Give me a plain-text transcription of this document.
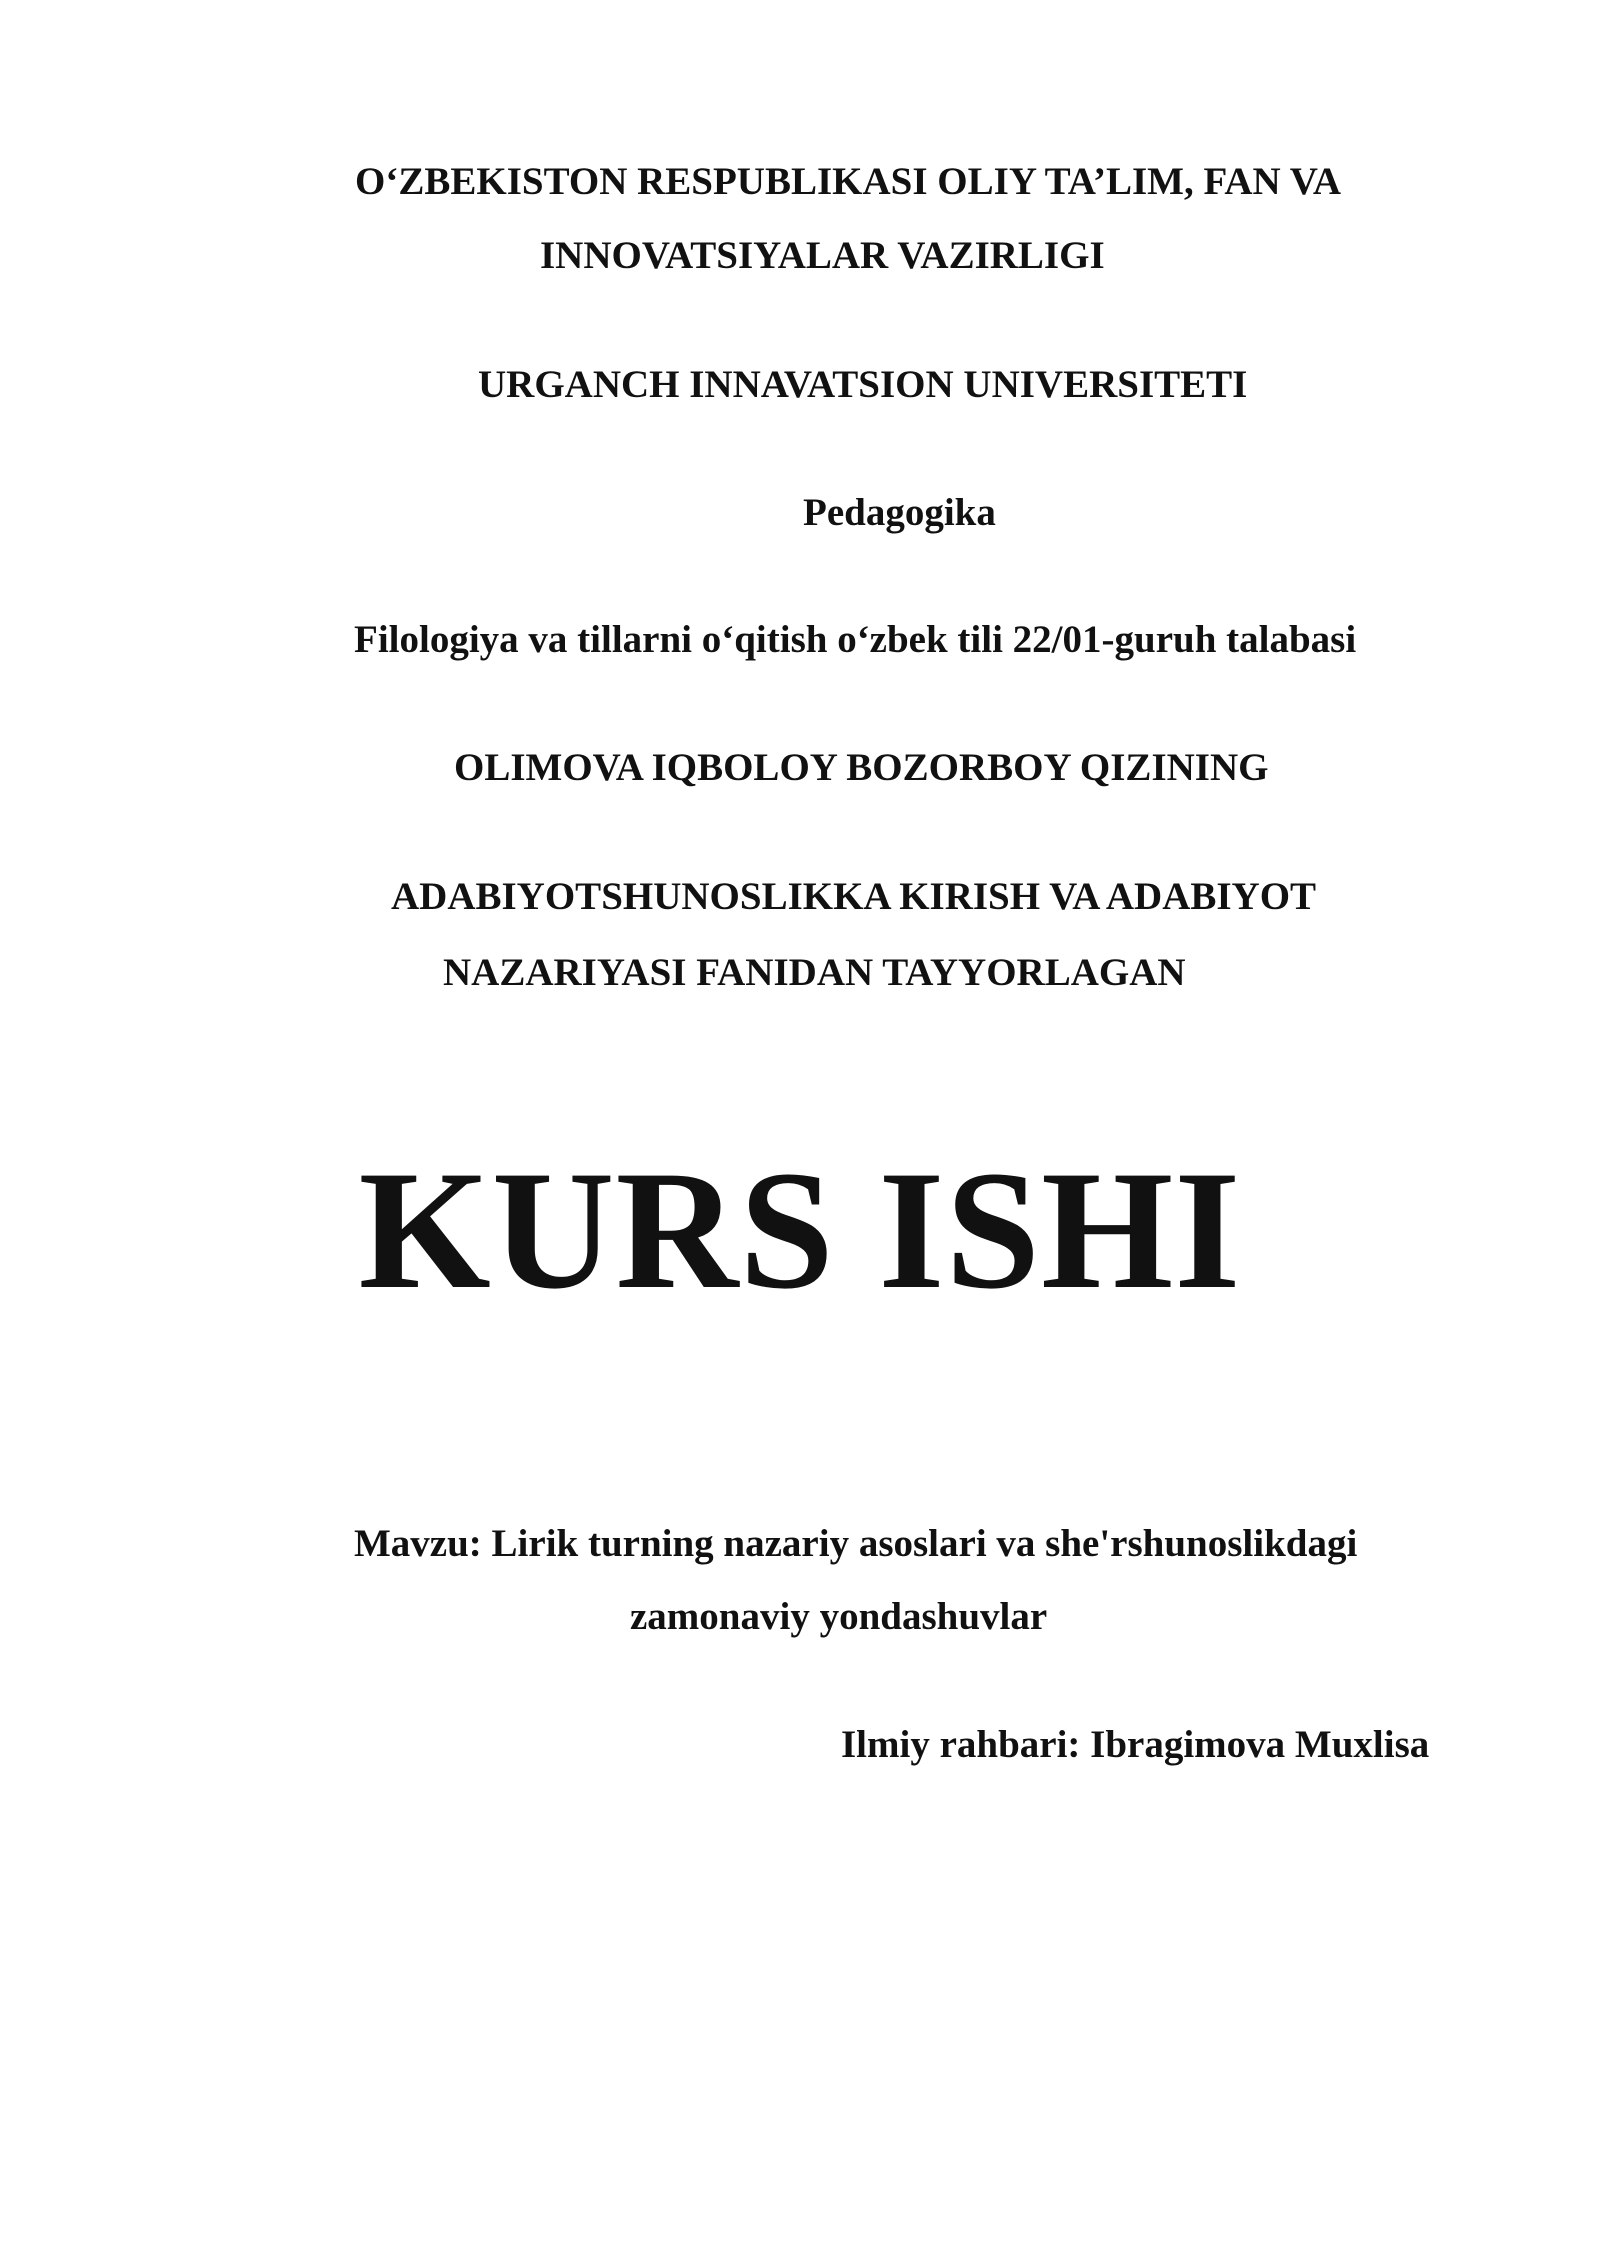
O‘ZBEKISTON RESPUBLIKASI OLIY TA’LIM, FAN VA
INNOVATSIYALAR VAZIRLIGI
URGANCH INNAVATSION UNIVERSITETI
Pedagogika
Filologiya va tillarni o‘qitish o‘zbek tili 22/01-guruh talabasi
OLIMOVA IQBOLOY BOZORBOY QIZINING
ADABIYOTSHUNOSLIKKA KIRISH VA ADABIYOT
NAZARIYASI FANIDAN TAYYORLAGAN
KURS ISHI
Mavzu: Lirik turning nazariy asoslari va she'rshunoslikdagi
zamonaviy yondashuvlar
Ilmiy rahbari: Ibragimova Muxlisa
